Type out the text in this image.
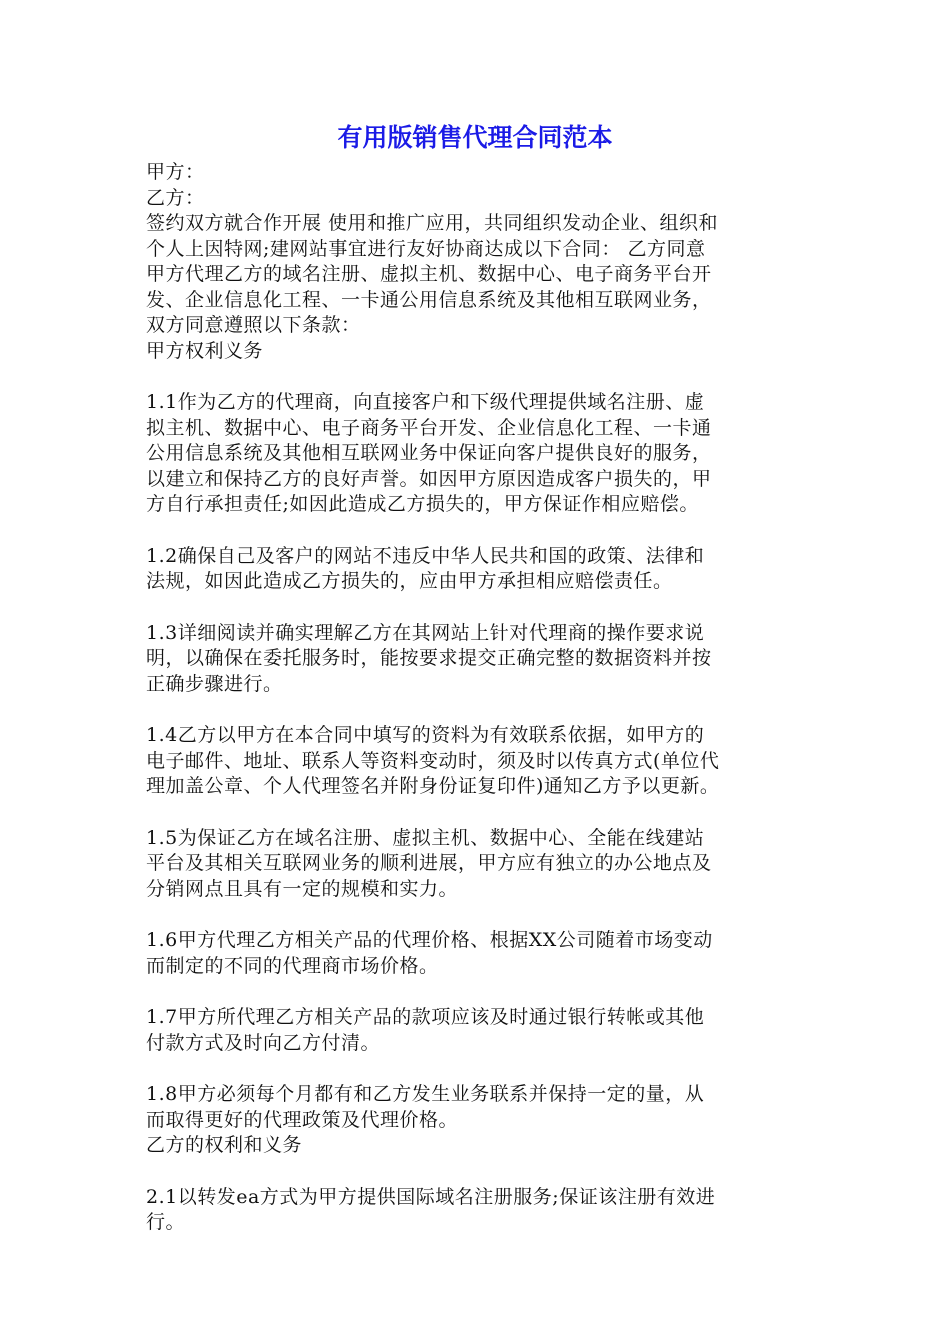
有用版销售代理合同范本
甲方：
乙方：
签约双方就合作开展 使用和推广应用，共同组织发动企业、组织和
个人上因特网;建网站事宜进行友好协商达成以下合同： 乙方同意
甲方代理乙方的域名注册、虚拟主机、数据中心、电子商务平台开
发、企业信息化工程、一卡通公用信息系统及其他相互联网业务，
双方同意遵照以下条款：
甲方权利义务
1.1作为乙方的代理商，向直接客户和下级代理提供域名注册、虚
拟主机、数据中心、电子商务平台开发、企业信息化工程、一卡通
公用信息系统及其他相互联网业务中保证向客户提供良好的服务，
以建立和保持乙方的良好声誉。如因甲方原因造成客户损失的，甲
方自行承担责任;如因此造成乙方损失的，甲方保证作相应赔偿。
1.2确保自己及客户的网站不违反中华人民共和国的政策、法律和
法规，如因此造成乙方损失的，应由甲方承担相应赔偿责任。
1.3详细阅读并确实理解乙方在其网站上针对代理商的操作要求说
明，以确保在委托服务时，能按要求提交正确完整的数据资料并按
正确步骤进行。
1.4乙方以甲方在本合同中填写的资料为有效联系依据，如甲方的
电子邮件、地址、联系人等资料变动时，须及时以传真方式(单位代
理加盖公章、个人代理签名并附身份证复印件)通知乙方予以更新。
1.5为保证乙方在域名注册、虚拟主机、数据中心、全能在线建站
平台及其相关互联网业务的顺利进展，甲方应有独立的办公地点及
分销网点且具有一定的规模和实力。
1.6甲方代理乙方相关产品的代理价格、根据XX公司随着市场变动
而制定的不同的代理商市场价格。
1.7甲方所代理乙方相关产品的款项应该及时通过银行转帐或其他
付款方式及时向乙方付清。
1.8甲方必须每个月都有和乙方发生业务联系并保持一定的量，从
而取得更好的代理政策及代理价格。
乙方的权利和义务
2.1以转发ea方式为甲方提供国际域名注册服务;保证该注册有效进
行。
